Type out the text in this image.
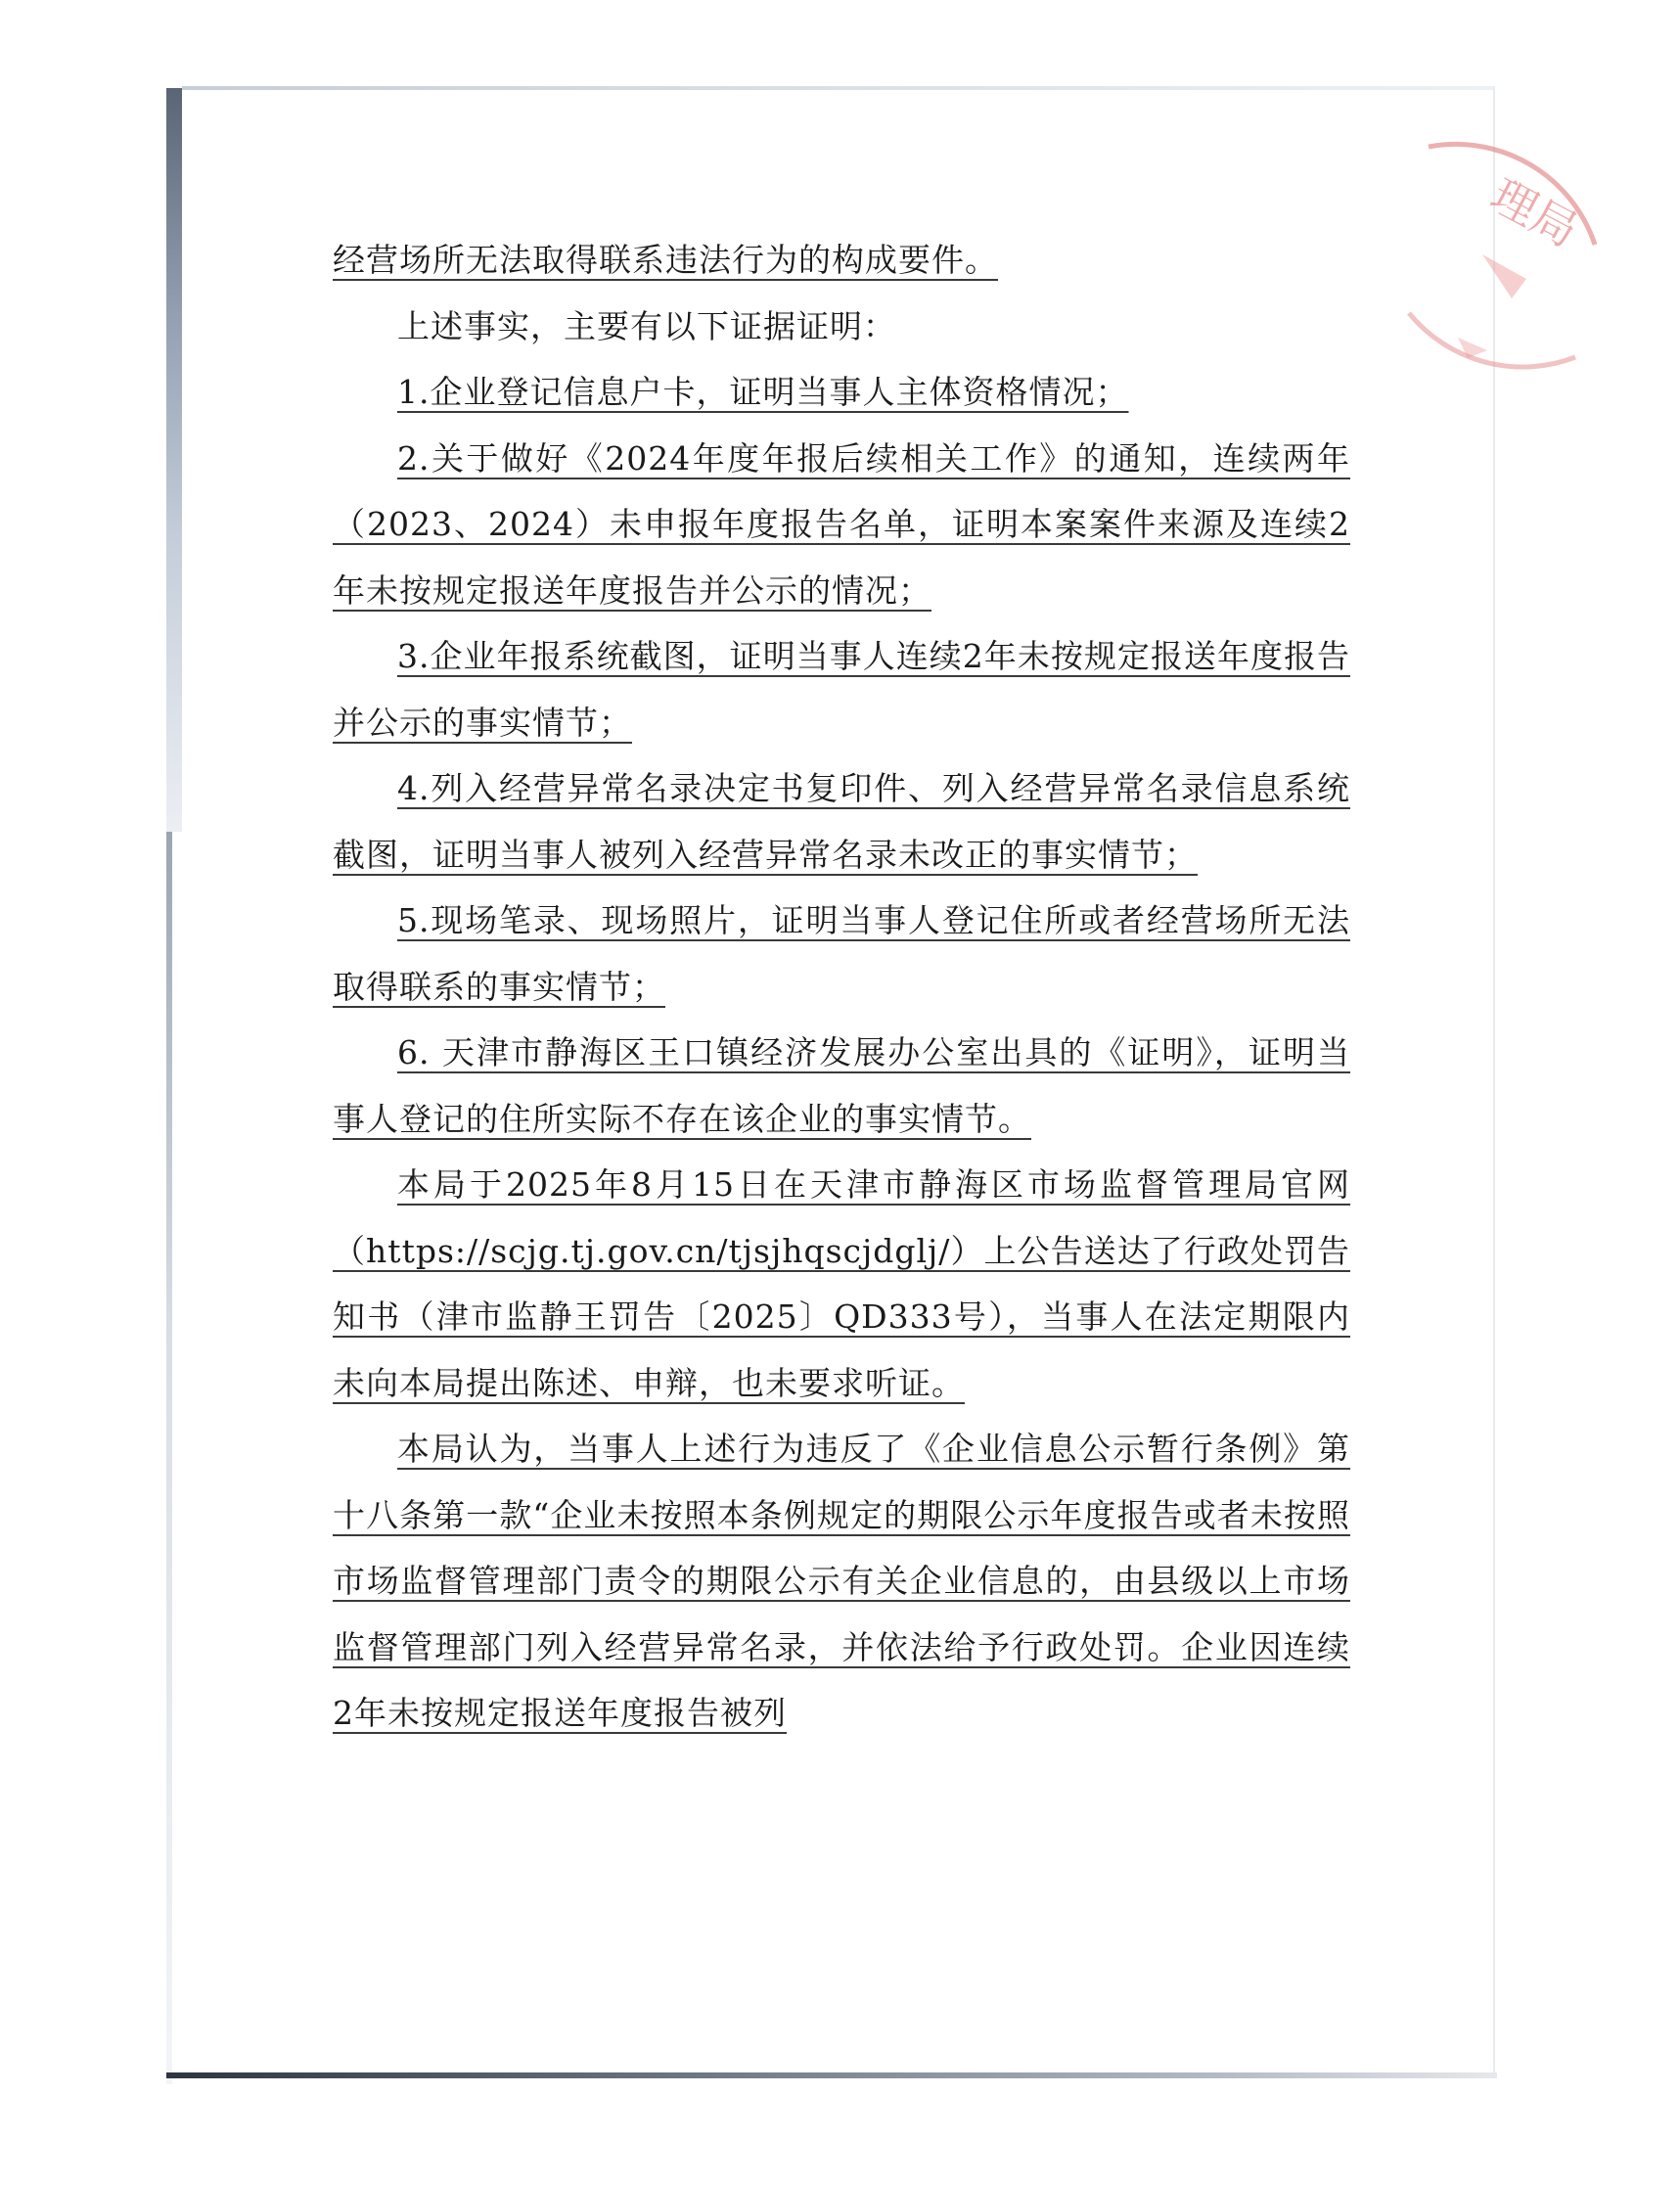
理局

经营场所无法取得联系违法行为的构成要件。

上述事实，主要有以下证据证明：

1.企业登记信息户卡，证明当事人主体资格情况；

2.关于做好《2024年度年报后续相关工作》的通知，连续两年（2023、2024）未申报年度报告名单，证明本案案件来源及连续2年未按规定报送年度报告并公示的情况；

3.企业年报系统截图，证明当事人连续2年未按规定报送年度报告并公示的事实情节；

4.列入经营异常名录决定书复印件、列入经营异常名录信息系统截图，证明当事人被列入经营异常名录未改正的事实情节；

5.现场笔录、现场照片，证明当事人登记住所或者经营场所无法取得联系的事实情节；

6. 天津市静海区王口镇经济发展办公室出具的《证明》，证明当事人登记的住所实际不存在该企业的事实情节。

本局于2025年8月15日在天津市静海区市场监督管理局官网（https://scjg.tj.gov.cn/tjsjhqscjdglj/）上公告送达了行政处罚告知书（津市监静王罚告〔2025〕QD333号），当事人在法定期限内未向本局提出陈述、申辩，也未要求听证。

本局认为，当事人上述行为违反了《企业信息公示暂行条例》第十八条第一款“企业未按照本条例规定的期限公示年度报告或者未按照市场监督管理部门责令的期限公示有关企业信息的，由县级以上市场监督管理部门列入经营异常名录，并依法给予行政处罚。企业因连续2年未按规定报送年度报告被列
